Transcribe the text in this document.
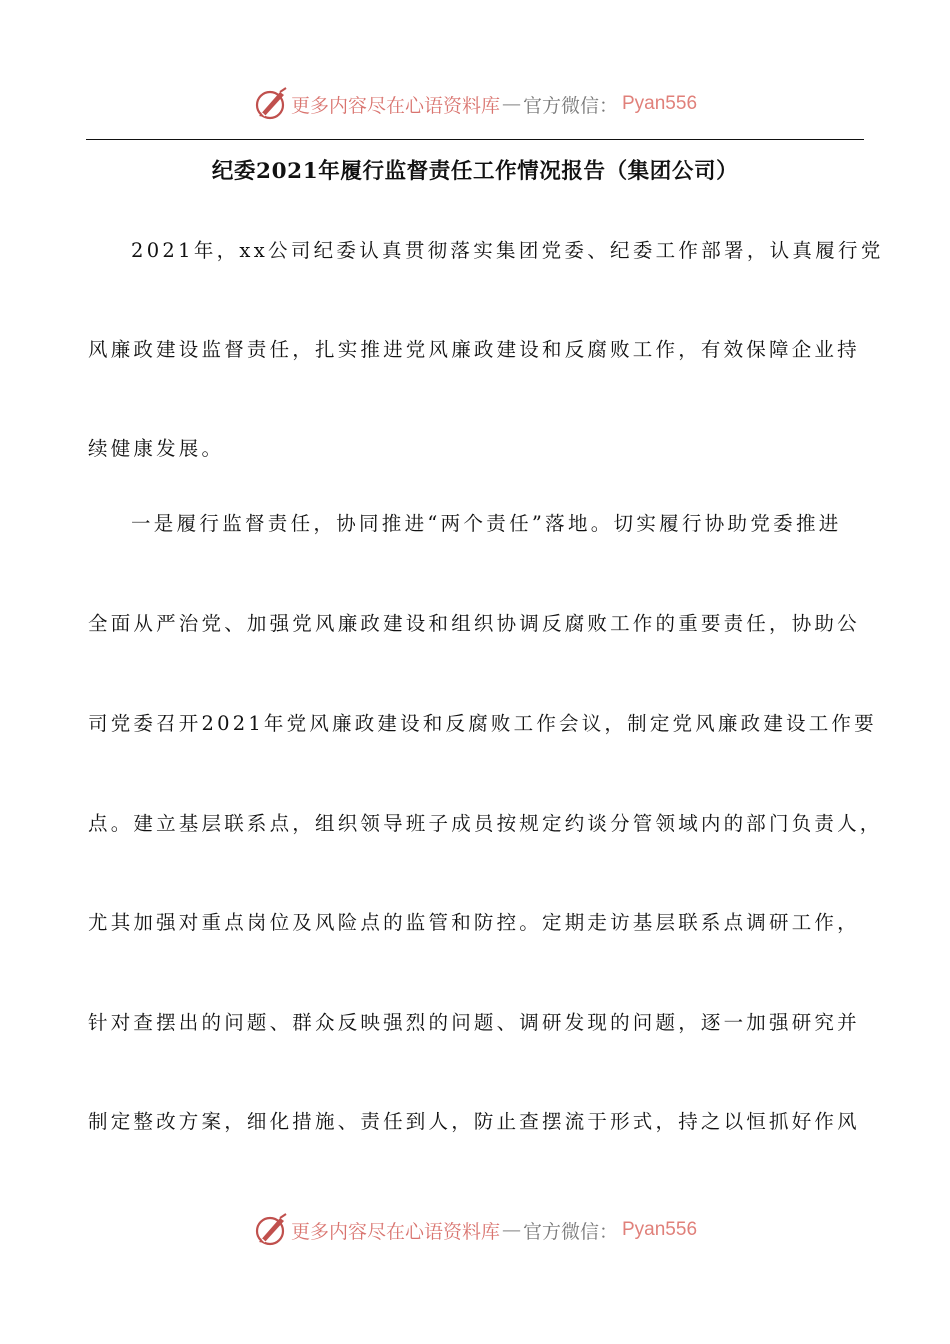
更多内容尽在心语资料库 — 官方微信： Pyan556
纪委2021年履行监督责任工作情况报告（集团公司）
2021年，xx公司纪委认真贯彻落实集团党委、纪委工作部署，认真履行党
风廉政建设监督责任，扎实推进党风廉政建设和反腐败工作，有效保障企业持
续健康发展。
一是履行监督责任，协同推进“两个责任”落地。切实履行协助党委推进
全面从严治党、加强党风廉政建设和组织协调反腐败工作的重要责任，协助公
司党委召开2021年党风廉政建设和反腐败工作会议，制定党风廉政建设工作要
点。建立基层联系点，组织领导班子成员按规定约谈分管领域内的部门负责人，
尤其加强对重点岗位及风险点的监管和防控。定期走访基层联系点调研工作，
针对查摆出的问题、群众反映强烈的问题、调研发现的问题，逐一加强研究并
制定整改方案，细化措施、责任到人，防止查摆流于形式，持之以恒抓好作风
更多内容尽在心语资料库 — 官方微信： Pyan556
